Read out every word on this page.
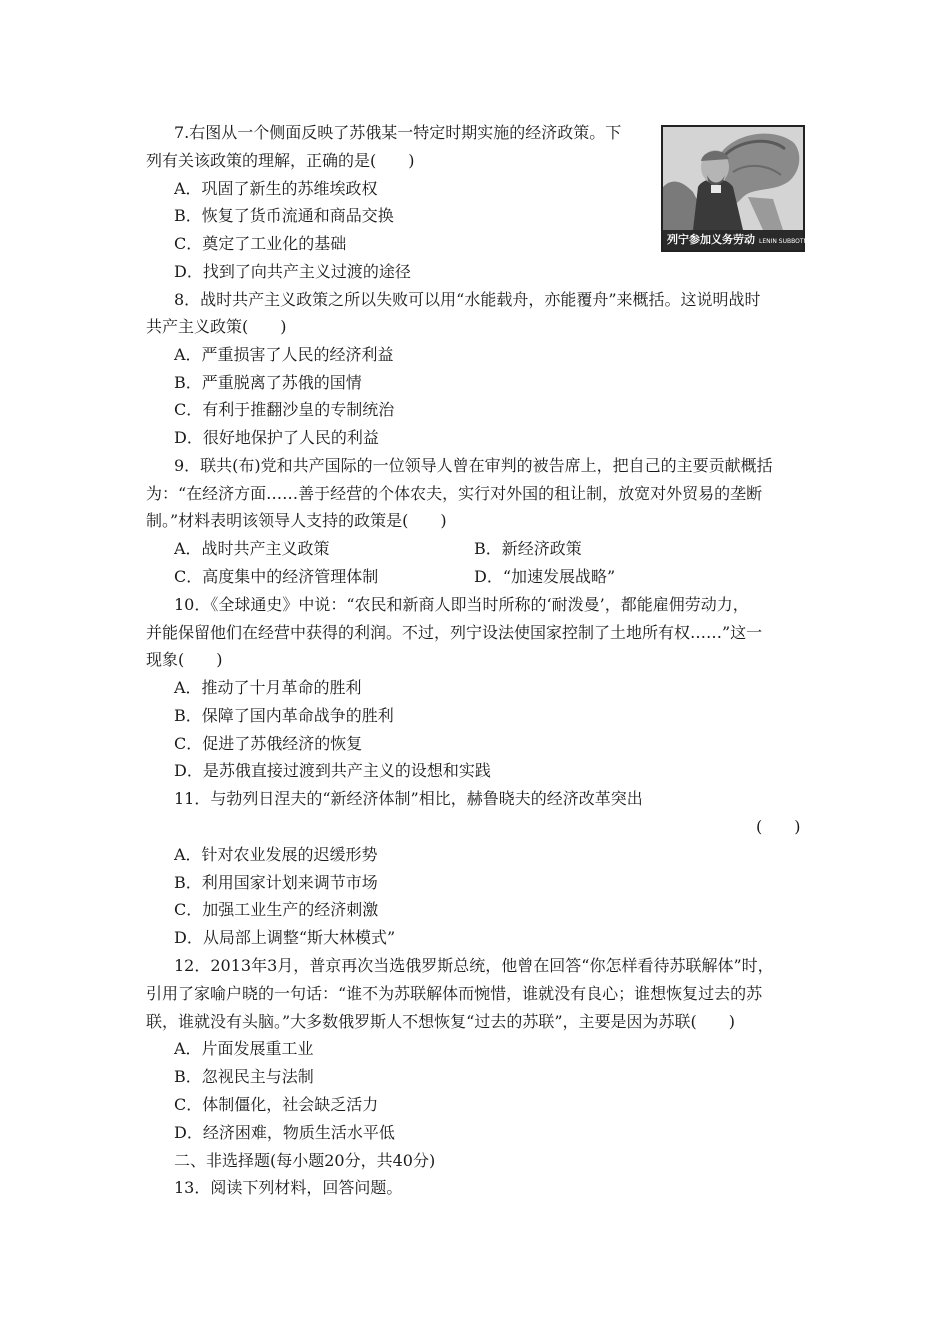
7.右图从一个侧面反映了苏俄某一特定时期实施的经济政策。下
列有关该政策的理解，正确的是(　　)
A．巩固了新生的苏维埃政权
B．恢复了货币流通和商品交换
C．奠定了工业化的基础
D．找到了向共产主义过渡的途径
8．战时共产主义政策之所以失败可以用“水能载舟，亦能覆舟”来概括。这说明战时
共产主义政策(　　)
A．严重损害了人民的经济利益
B．严重脱离了苏俄的国情
C．有利于推翻沙皇的专制统治
D．很好地保护了人民的利益
9．联共(布)党和共产国际的一位领导人曾在审判的被告席上，把自己的主要贡献概括
为：“在经济方面……善于经营的个体农夫，实行对外国的租让制，放宽对外贸易的垄断
制。”材料表明该领导人支持的政策是(　　)
A．战时共产主义政策	B．新经济政策
C．高度集中的经济管理体制	D．“加速发展战略”
10．《全球通史》中说：“农民和新商人即当时所称的‘耐泼曼’，都能雇佣劳动力，
并能保留他们在经营中获得的利润。不过，列宁设法使国家控制了土地所有权……”这一
现象(　　)
A．推动了十月革命的胜利
B．保障了国内革命战争的胜利
C．促进了苏俄经济的恢复
D．是苏俄直接过渡到共产主义的设想和实践
11．与勃列日涅夫的“新经济体制”相比，赫鲁晓夫的经济改革突出
(　　)
A．针对农业发展的迟缓形势
B．利用国家计划来调节市场
C．加强工业生产的经济刺激
D．从局部上调整“斯大林模式”
12．2013年3月，普京再次当选俄罗斯总统，他曾在回答“你怎样看待苏联解体”时，
引用了家喻户晓的一句话：“谁不为苏联解体而惋惜，谁就没有良心；谁想恢复过去的苏
联，谁就没有头脑。”大多数俄罗斯人不想恢复“过去的苏联”，主要是因为苏联(　　)
A．片面发展重工业
B．忽视民主与法制
C．体制僵化，社会缺乏活力
D．经济困难，物质生活水平低
二、非选择题(每小题20分，共40分)
13．阅读下列材料，回答问题。
列宁参加义务劳动 LENIN SUBBOTNIK
